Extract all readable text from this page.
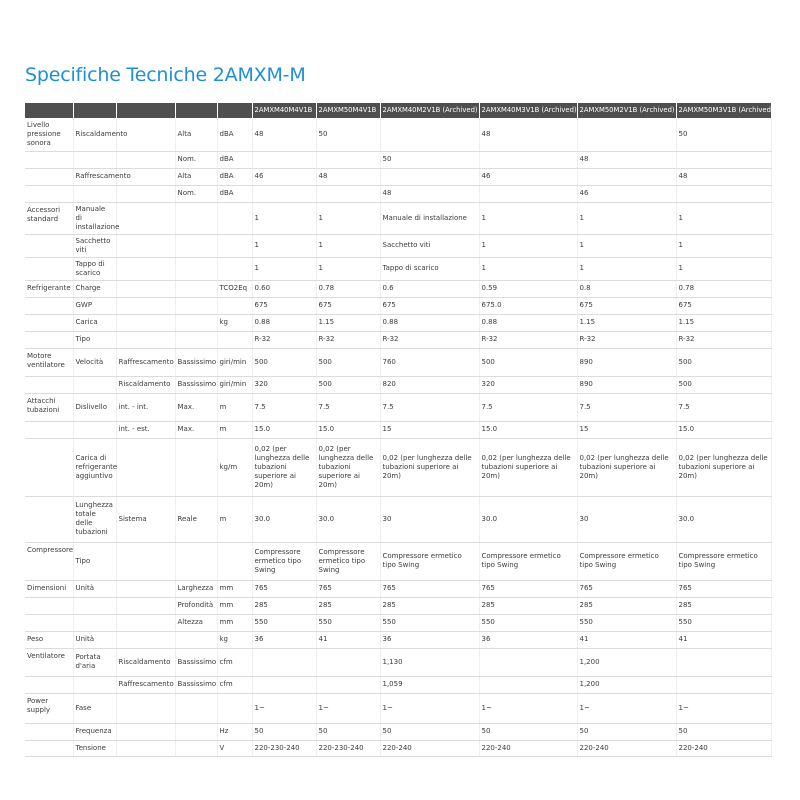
Specifiche Tecniche 2AMXM-M
					2AMXM40M4V1B	2AMXM50M4V1B	2AMXM40M2V1B (Archived)	2AMXM40M3V1B (Archived)	2AMXM50M2V1B (Archived)	2AMXM50M3V1B (Archived)
Livello pressione sonora	Riscaldamento		Alta	dBA	48	50		48		50
			Nom.	dBA			50		48	
	Raffrescamento		Alta	dBA	46	48		46		48
			Nom.	dBA			48		46	
Accessori standard	Manuale di installazione				1	1	Manuale di installazione	1	1	1
	Sacchetto viti				1	1	Sacchetto viti	1	1	1
	Tappo di scarico				1	1	Tappo di scarico	1	1	1
Refrigerante	Charge			TCO2Eq	0.60	0.78	0.6	0.59	0.8	0.78
	GWP				675	675	675	675.0	675	675
	Carica			kg	0.88	1.15	0.88	0.88	1.15	1.15
	Tipo				R-32	R-32	R-32	R-32	R-32	R-32
Motore ventilatore	Velocità	Raffrescamento	Bassissimo	giri/min	500	500	760	500	890	500
		Riscaldamento	Bassissimo	giri/min	320	500	820	320	890	500
Attacchi tubazioni	Dislivello	int. - int.	Max.	m	7.5	7.5	7.5	7.5	7.5	7.5
		int. - est.	Max.	m	15.0	15.0	15	15.0	15	15.0
	Carica di refrigerante aggiuntivo			kg/m	0,02 (per lunghezza delle tubazioni superiore ai 20m)	0,02 (per lunghezza delle tubazioni superiore ai 20m)	0,02 (per lunghezza delle tubazioni superiore ai 20m)	0,02 (per lunghezza delle tubazioni superiore ai 20m)	0,02 (per lunghezza delle tubazioni superiore ai 20m)	0,02 (per lunghezza delle tubazioni superiore ai 20m)
	Lunghezza totale delle tubazioni	Sistema	Reale	m	30.0	30.0	30	30.0	30	30.0
Compressore	Tipo				Compressore ermetico tipo Swing	Compressore ermetico tipo Swing	Compressore ermetico tipo Swing	Compressore ermetico tipo Swing	Compressore ermetico tipo Swing	Compressore ermetico tipo Swing
Dimensioni	Unità		Larghezza	mm	765	765	765	765	765	765
			Profondità	mm	285	285	285	285	285	285
			Altezza	mm	550	550	550	550	550	550
Peso	Unità			kg	36	41	36	36	41	41
Ventilatore	Portata d'aria	Riscaldamento	Bassissimo	cfm			1,130		1,200	
		Raffrescamento	Bassissimo	cfm			1,059		1,200	
Power supply	Fase				1~	1~	1~	1~	1~	1~
	Frequenza			Hz	50	50	50	50	50	50
	Tensione			V	220-230-240	220-230-240	220-240	220-240	220-240	220-240
